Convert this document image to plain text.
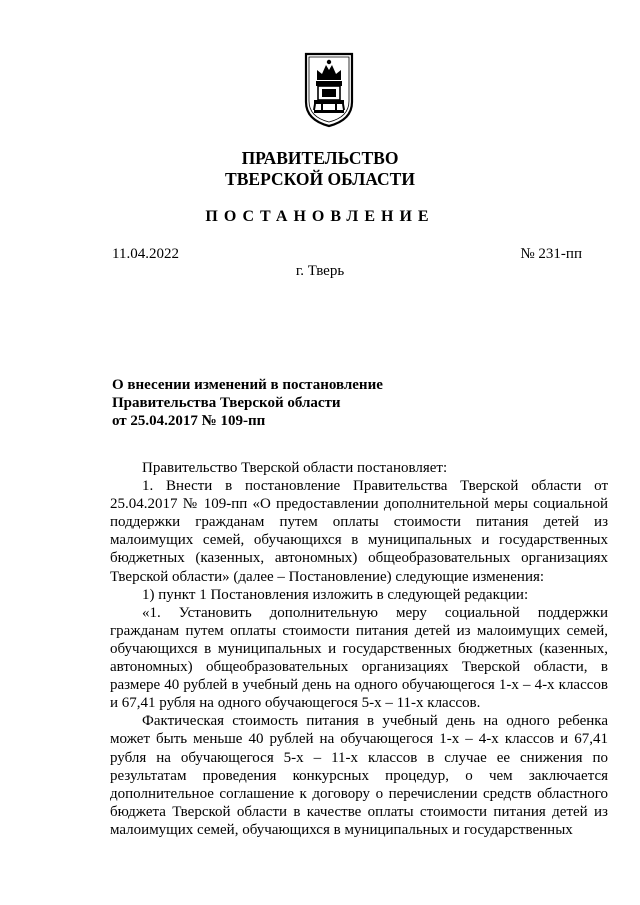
ПРАВИТЕЛЬСТВО
ТВЕРСКОЙ ОБЛАСТИ
ПОСТАНОВЛЕНИЕ
11.04.2022	№ 231-пп
г. Тверь
О внесении изменений в постановление
Правительства Тверской области
от 25.04.2017 № 109-пп

Правительство Тверской области постановляет:

1. Внести в постановление Правительства Тверской области от 25.04.2017 № 109-пп «О предоставлении дополнительной меры социальной поддержки гражданам путем оплаты стоимости питания детей из малоимущих семей, обучающихся в муниципальных и государственных бюджетных (казенных, автономных) общеобразовательных организациях Тверской области» (далее – Постановление) следующие изменения:

1) пункт 1 Постановления изложить в следующей редакции:

«1. Установить дополнительную меру социальной поддержки гражданам путем оплаты стоимости питания детей из малоимущих семей, обучающихся в муниципальных и государственных бюджетных (казенных, автономных) общеобразовательных организациях Тверской области, в размере 40 рублей в учебный день на одного обучающегося 1-х – 4-х классов и 67,41 рубля на одного обучающегося 5-х – 11-х классов.

Фактическая стоимость питания в учебный день на одного ребенка может быть меньше 40 рублей на обучающегося 1-х – 4-х классов и 67,41 рубля на обучающегося 5-х – 11-х классов в случае ее снижения по результатам проведения конкурсных процедур, о чем заключается дополнительное соглашение к договору о перечислении средств областного бюджета Тверской области в качестве оплаты стоимости питания детей из малоимущих семей, обучающихся в муниципальных и государственных
